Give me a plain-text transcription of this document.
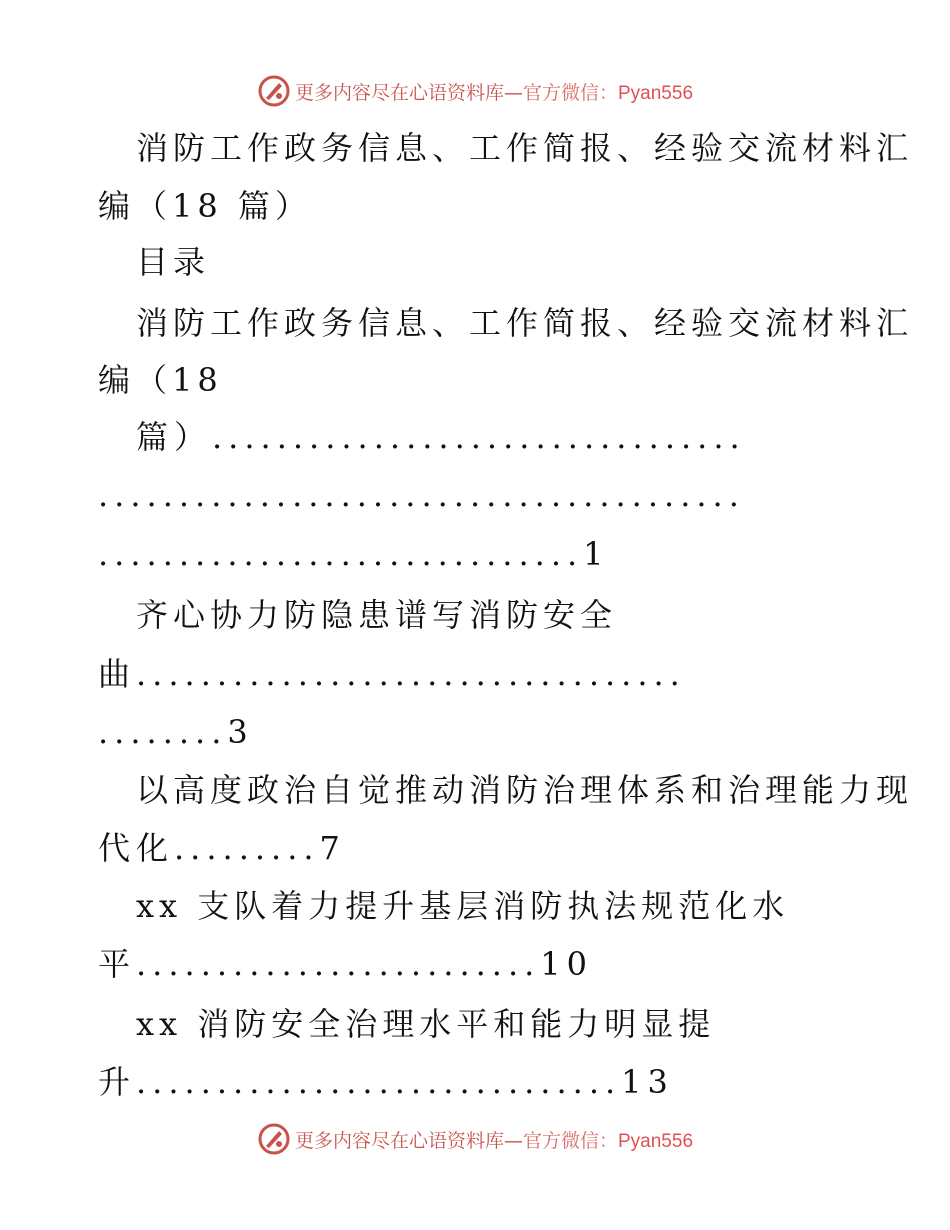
更多内容尽在心语资料库—官方微信：Pyan556
消防工作政务信息、工作简报、经验交流材料汇
编（18 篇）
目录
消防工作政务信息、工作简报、经验交流材料汇
编（18
篇）.................................
........................................
..............................1
齐心协力防隐患谱写消防安全
曲..................................
........3
以高度政治自觉推动消防治理体系和治理能力现
代化.........7
xx 支队着力提升基层消防执法规范化水
平.........................10
xx 消防安全治理水平和能力明显提
升..............................13
更多内容尽在心语资料库—官方微信：Pyan556
